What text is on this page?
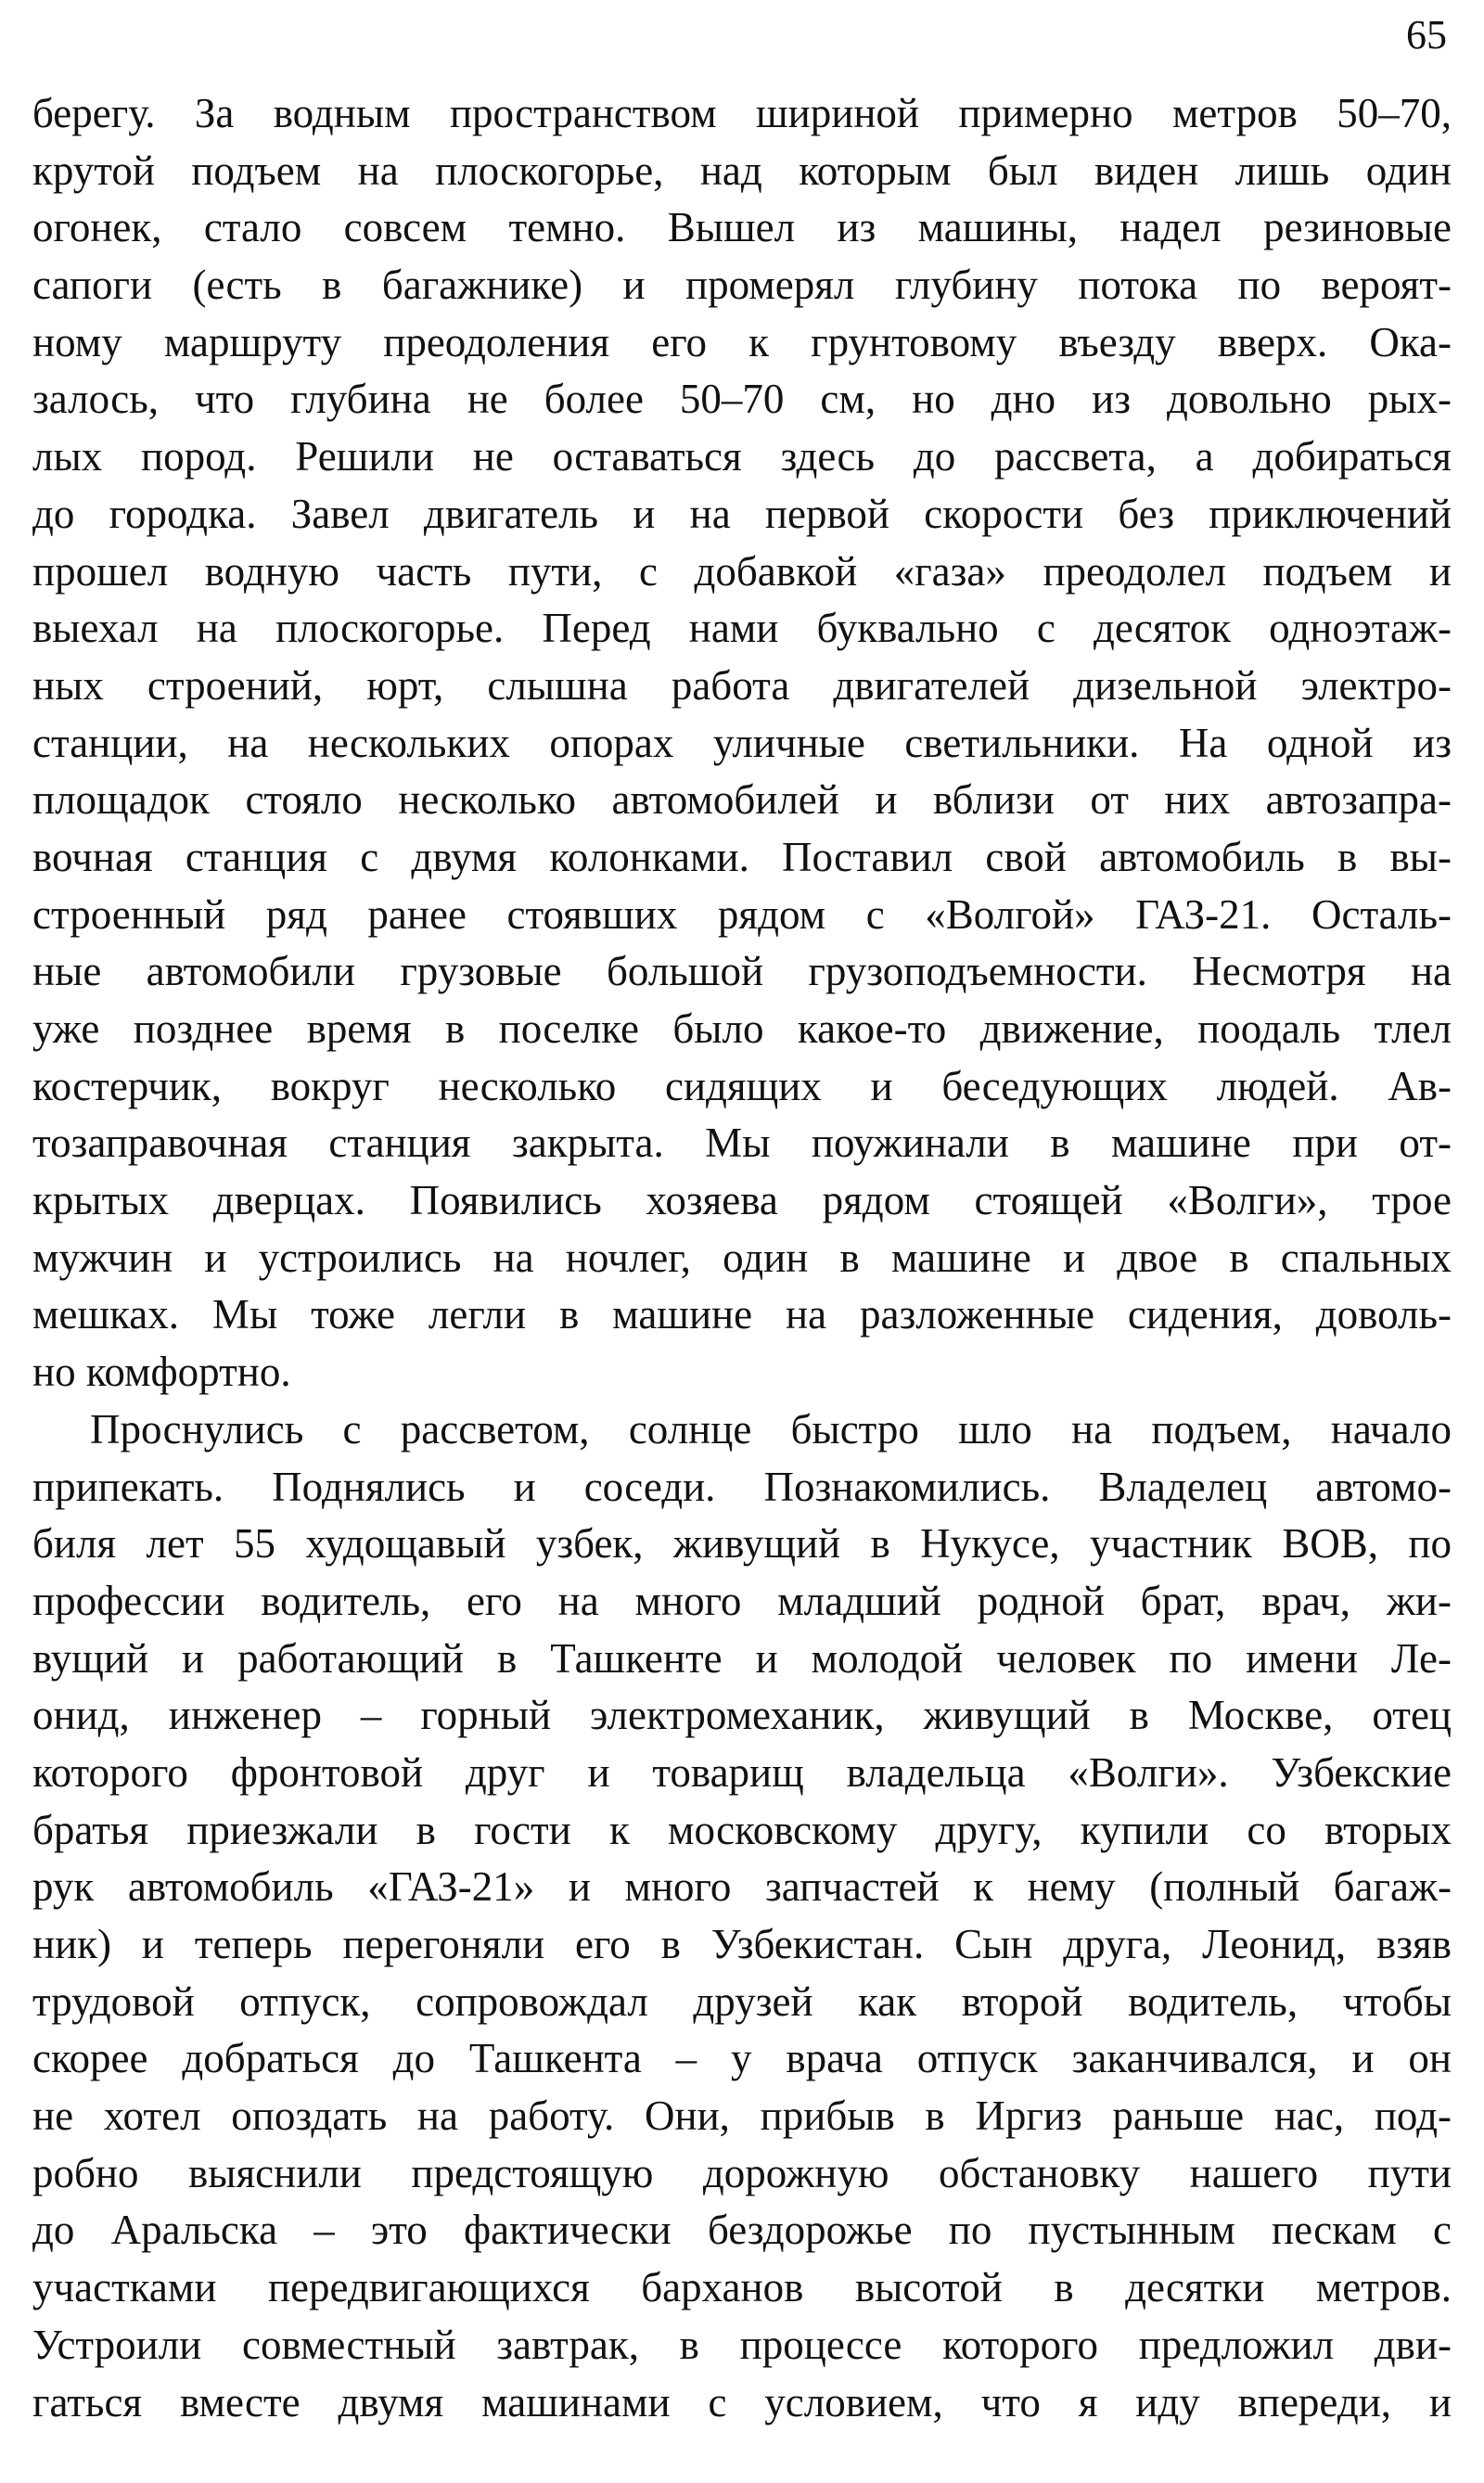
65
берегу. За водным пространством шириной примерно метров 50–70,
крутой подъем на плоскогорье, над которым был виден лишь один
огонек, стало совсем темно. Вышел из машины, надел резиновые
сапоги (есть в багажнике) и промерял глубину потока по вероят-
ному маршруту преодоления его к грунтовому въезду вверх. Ока-
залось, что глубина не более 50–70 см, но дно из довольно рых-
лых пород. Решили не оставаться здесь до рассвета, а добираться
до городка. Завел двигатель и на первой скорости без приключений
прошел водную часть пути, с добавкой «газа» преодолел подъем и
выехал на плоскогорье. Перед нами буквально с десяток одноэтаж-
ных строений, юрт, слышна работа двигателей дизельной электро-
станции, на нескольких опорах уличные светильники. На одной из
площадок стояло несколько автомобилей и вблизи от них автозапра-
вочная станция с двумя колонками. Поставил свой автомобиль в вы-
строенный ряд ранее стоявших рядом с «Волгой» ГАЗ-21. Осталь-
ные автомобили грузовые большой грузоподъемности. Несмотря на
уже позднее время в поселке было какое-то движение, поодаль тлел
костерчик, вокруг несколько сидящих и беседующих людей. Ав-
тозаправочная станция закрыта. Мы поужинали в машине при от-
крытых дверцах. Появились хозяева рядом стоящей «Волги», трое
мужчин и устроились на ночлег, один в машине и двое в спальных
мешках. Мы тоже легли в машине на разложенные сидения, доволь-
но комфортно.
Проснулись с рассветом, солнце быстро шло на подъем, начало
припекать. Поднялись и соседи. Познакомились. Владелец автомо-
биля лет 55 худощавый узбек, живущий в Нукусе, участник ВОВ, по
профессии водитель, его на много младший родной брат, врач, жи-
вущий и работающий в Ташкенте и молодой человек по имени Ле-
онид, инженер – горный электромеханик, живущий в Москве, отец
которого фронтовой друг и товарищ владельца «Волги». Узбекские
братья приезжали в гости к московскому другу, купили со вторых
рук автомобиль «ГАЗ-21» и много запчастей к нему (полный багаж-
ник) и теперь перегоняли его в Узбекистан. Сын друга, Леонид, взяв
трудовой отпуск, сопровождал друзей как второй водитель, чтобы
скорее добраться до Ташкента – у врача отпуск заканчивался, и он
не хотел опоздать на работу. Они, прибыв в Иргиз раньше нас, под-
робно выяснили предстоящую дорожную обстановку нашего пути
до Аральска – это фактически бездорожье по пустынным пескам с
участками передвигающихся барханов высотой в десятки метров.
Устроили совместный завтрак, в процессе которого предложил дви-
гаться вместе двумя машинами с условием, что я иду впереди, и
